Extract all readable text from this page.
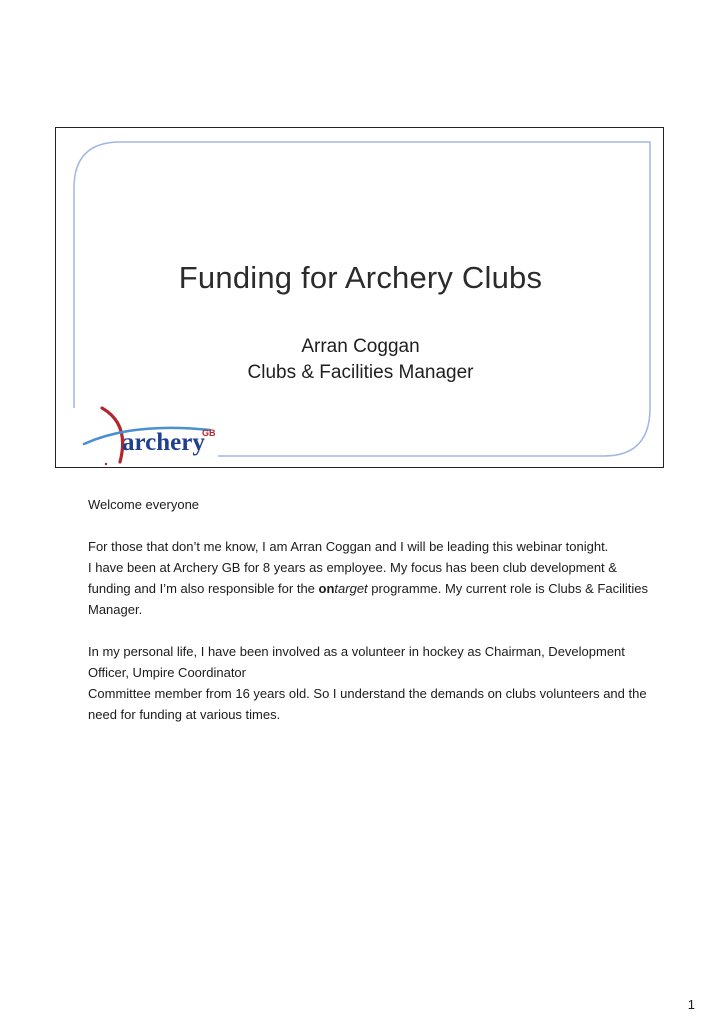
Funding for Archery Clubs
Arran Coggan
Clubs & Facilities Manager
archery
GB

Welcome everyone

For those that don’t me know, I am Arran Coggan and I will be leading this webinar tonight.

I have been at Archery GB for 8 years as employee. My focus has been club development & funding and I’m also responsible for the ontarget programme. My current role is Clubs & Facilities Manager.

In my personal life, I have been involved as a volunteer in hockey as Chairman, Development Officer, Umpire Coordinator

Committee member from 16 years old. So I understand the demands on clubs volunteers and the need for funding at various times.

1
